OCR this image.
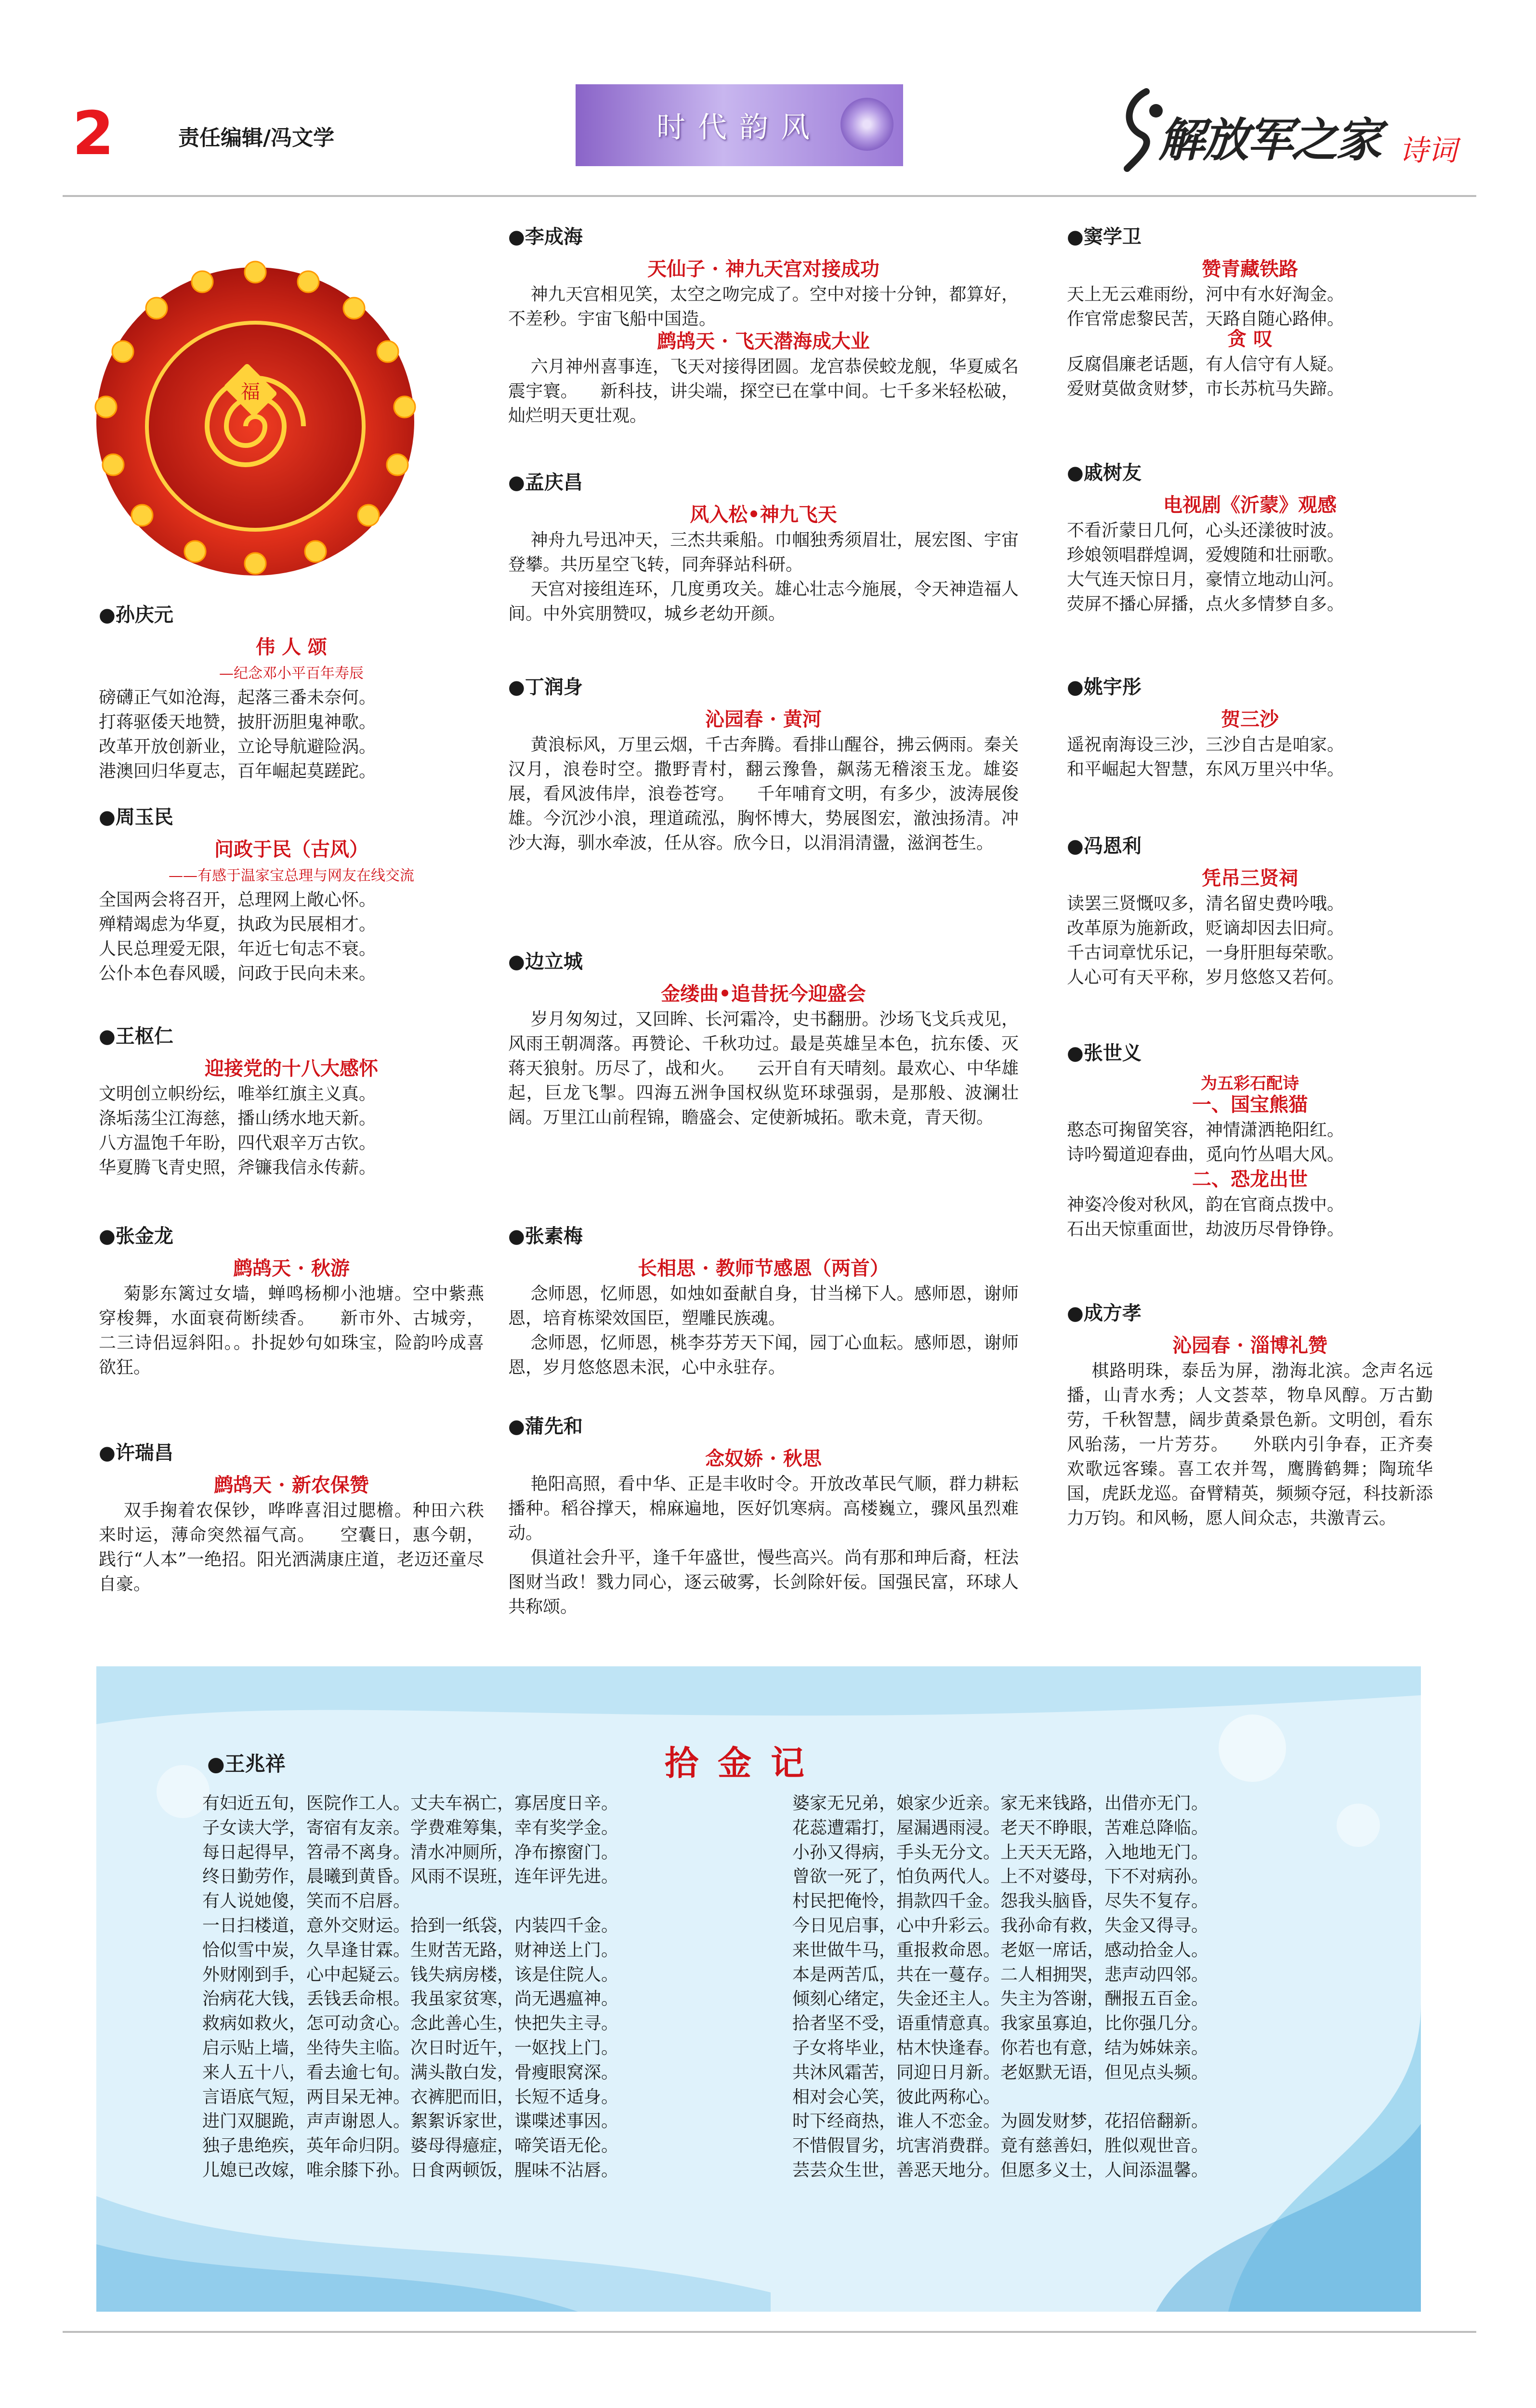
2	责任编辑/冯文学	时代韵风	解放军之家 诗词
福
●孙庆元
伟 人 颂
—纪念邓小平百年寿辰
磅礴正气如沧海，起落三番未奈何。
打蒋驱倭天地赞，披肝沥胆鬼神歌。
改革开放创新业，立论导航避险涡。
港澳回归华夏志，百年崛起莫蹉跎。
●周玉民
问政于民（古风）
——有感于温家宝总理与网友在线交流
全国两会将召开，总理网上敞心怀。
殚精竭虑为华夏，执政为民展相才。
人民总理爱无限，年近七旬志不衰。
公仆本色春风暖，问政于民向未来。
●王枢仁
迎接党的十八大感怀
文明创立帜纷纭，唯举红旗主义真。
涤垢荡尘江海慈，播山绣水地天新。
八方温饱千年盼，四代艰辛万古钦。
华夏腾飞青史照，斧镰我信永传薪。
●张金龙
鹧鸪天 · 秋游
菊影东篱过女墙，蝉鸣杨柳小池塘。空中紫燕穿梭舞，水面衰荷断续香。    新市外、古城旁，二三诗侣逗斜阳。。扑捉妙句如珠宝，险韵吟成喜欲狂。
●许瑞昌
鹧鸪天 · 新农保赞
双手掬着农保钞，哗哗喜泪过腮檐。种田六秩来时运，薄命突然福气高。    空囊日，惠今朝，践行“人本”一绝招。阳光洒满康庄道，老迈还童尽自豪。
●李成海
天仙子 · 神九天宫对接成功
神九天宫相见笑，太空之吻完成了。空中对接十分钟，都算好，不差秒。宇宙飞船中国造。
鹧鸪天 · 飞天潜海成大业
六月神州喜事连，飞天对接得团圆。龙宫恭侯蛟龙舰，华夏威名震宇寰。    新科技，讲尖端，探空已在掌中间。七千多米轻松破，灿烂明天更壮观。
●孟庆昌
风入松•神九飞天
神舟九号迅冲天，三杰共乘船。巾帼独秀须眉壮，展宏图、宇宙登攀。共历星空飞转，同奔驿站科研。
天宫对接组连环，几度勇攻关。雄心壮志今施展，令天神造福人间。中外宾朋赞叹，城乡老幼开颜。
●丁润身
沁园春 · 黄河
黄浪标风，万里云烟，千古奔腾。看排山醒谷，拂云俩雨。秦关汉月，浪卷时空。撒野青村，翻云豫鲁，飙荡无稽滚玉龙。雄姿展，看风波伟岸，浪卷苍穹。    千年哺育文明，有多少，波涛展俊雄。今沉沙小浪，理道疏泓，胸怀博大，势展图宏，澈浊扬清。冲沙大海，驯水牵波，任从容。欣今日，以涓涓清盪，滋润苍生。
●边立城
金缕曲•追昔抚今迎盛会
岁月匆匆过，又回眸、长河霜冷，史书翻册。沙场飞戈兵戎见，风雨王朝凋落。再赞论、千秋功过。最是英雄呈本色，抗东倭、灭蒋天狼射。历尽了，战和火。    云开自有天晴刻。最欢心、中华雄起，巨龙飞掣。四海五洲争国权纵览环球强弱，是那般、波澜壮阔。万里江山前程锦，瞻盛会、定使新城拓。歌未竟，青天彻。
●张素梅
长相思 · 教师节感恩（两首）
念师恩，忆师恩，如烛如蚕献自身，甘当梯下人。感师恩，谢师恩，培育栋梁效国臣，塑雕民族魂。
念师恩，忆师恩，桃李芬芳天下闻，园丁心血耘。感师恩，谢师恩，岁月悠悠恩未泯，心中永驻存。
●蒲先和
念奴娇 · 秋思
艳阳高照，看中华、正是丰收时令。开放改革民气顺，群力耕耘播种。稻谷撑天，棉麻遍地，医好饥寒病。高楼巍立，骤风虽烈难动。
俱道社会升平，逢千年盛世，慢些高兴。尚有那和珅后裔，枉法图财当政！戮力同心，逐云破雾，长剑除奸佞。国强民富，环球人共称颂。
●窦学卫
赞青藏铁路
天上无云难雨纷，河中有水好淘金。
作官常虑黎民苦，天路自随心路伸。
贪 叹
反腐倡廉老话题，有人信守有人疑。
爱财莫做贪财梦，市长苏杭马失蹄。
●戚树友
电视剧《沂蒙》观感
不看沂蒙日几何，心头还漾彼时波。
珍娘领唱群煌调，爱嫂随和壮丽歌。
大气连天惊日月，豪情立地动山河。
荧屏不播心屏播，点火多情梦自多。
●姚宇彤
贺三沙
遥祝南海设三沙，三沙自古是咱家。
和平崛起大智慧，东风万里兴中华。
●冯恩利
凭吊三贤祠
读罢三贤慨叹多，清名留史费吟哦。
改革原为施新政，贬谪却因去旧疴。
千古词章忧乐记，一身肝胆每荣歌。
人心可有天平称，岁月悠悠又若何。
●张世义
为五彩石配诗
一、国宝熊猫
憨态可掬留笑容，神情潇洒艳阳红。
诗吟蜀道迎春曲，觅向竹丛唱大风。
二、恐龙出世
神姿冷俊对秋风，韵在官商点拨中。
石出天惊重面世，劫波历尽骨铮铮。
●成方孝
沁园春 · 淄博礼赞
棋路明珠，泰岳为屏，渤海北滨。念声名远播，山青水秀；人文荟萃，物阜风醇。万古勤劳，千秋智慧，阔步黄桑景色新。文明创，看东风骀荡，一片芳芬。    外联内引争春，正齐奏欢歌远客臻。喜工农并驾，鹰腾鹤舞；陶琉华国，虎跃龙巡。奋臂精英，频频夺冠，科技新添力万钧。和风畅，愿人间众志，共激青云。
●王兆祥	拾金记
有妇近五旬，医院作工人。丈夫车祸亡，寡居度日辛。
子女读大学，寄宿有友亲。学费难筹集，幸有奖学金。
每日起得早，笤帚不离身。清水冲厕所，净布擦窗门。
终日勤劳作，晨曦到黄昏。风雨不误班，连年评先进。
有人说她傻，笑而不启唇。
一日扫楼道，意外交财运。拾到一纸袋，内装四千金。
恰似雪中炭，久旱逢甘霖。生财苦无路，财神送上门。
外财刚到手，心中起疑云。钱失病房楼，该是住院人。
治病花大钱，丢钱丢命根。我虽家贫寒，尚无遇瘟神。
救病如救火，怎可动贪心。念此善心生，快把失主寻。
启示贴上墙，坐待失主临。次日时近午，一妪找上门。
来人五十八，看去逾七旬。满头散白发，骨瘦眼窝深。
言语底气短，两目呆无神。衣裤肥而旧，长短不适身。
进门双腿跪，声声谢恩人。絮絮诉家世，谍喋述事因。
独子患绝疾，英年命归阴。婆母得癔症，啼笑语无伦。
儿媳已改嫁，唯余膝下孙。日食两顿饭，腥味不沾唇。
婆家无兄弟，娘家少近亲。家无来钱路，出借亦无门。
花蕊遭霜打，屋漏遇雨浸。老天不睁眼，苦难总降临。
小孙又得病，手头无分文。上天天无路，入地地无门。
曾欲一死了，怕负两代人。上不对婆母，下不对病孙。
村民把俺怜，捐款四千金。怨我头脑昏，尽失不复存。
今日见启事，心中升彩云。我孙命有救，失金又得寻。
来世做牛马，重报救命恩。老妪一席话，感动拾金人。
本是两苦瓜，共在一蔓存。二人相拥哭，悲声动四邻。
倾刻心绪定，失金还主人。失主为答谢，酬报五百金。
拾者坚不受，语重情意真。我家虽寡迫，比你强几分。
子女将毕业，枯木快逢春。你若也有意，结为姊妹亲。
共沐风霜苦，同迎日月新。老妪默无语，但见点头频。
相对会心笑，彼此两称心。
时下经商热，谁人不恋金。为圆发财梦，花招倍翻新。
不惜假冒劣，坑害消费群。竟有慈善妇，胜似观世音。
芸芸众生世，善恶天地分。但愿多义士，人间添温馨。
